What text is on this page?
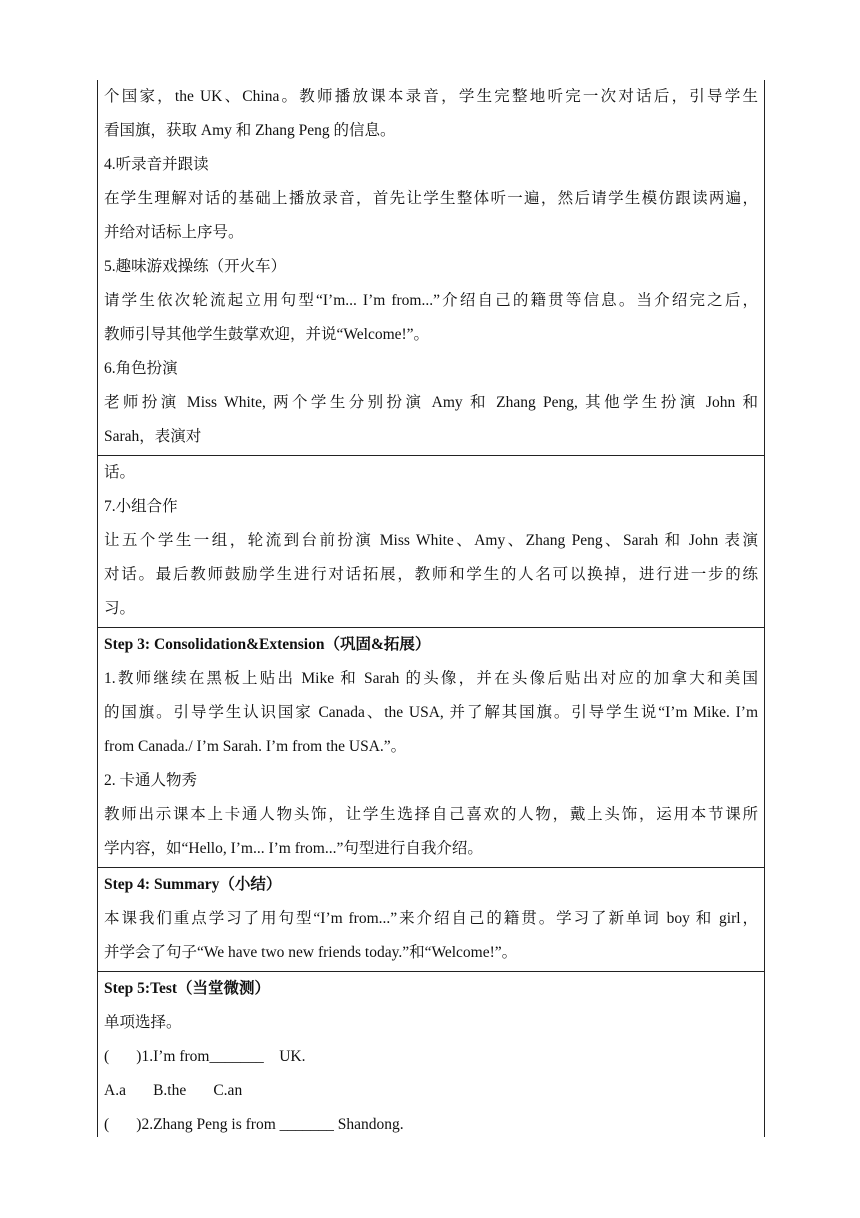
个国家，the UK、China。教师播放课本录音，学生完整地听完一次对话后，引导学生
看国旗，获取 Amy 和 Zhang Peng 的信息。
4.听录音并跟读
在学生理解对话的基础上播放录音，首先让学生整体听一遍，然后请学生模仿跟读两遍，
并给对话标上序号。
5.趣味游戏操练（开火车）
请学生依次轮流起立用句型“I’m... I’m from...”介绍自己的籍贯等信息。当介绍完之后，
教师引导其他学生鼓掌欢迎，并说“Welcome!”。
6.角色扮演
老师扮演 Miss White, 两个学生分别扮演 Amy 和 Zhang Peng, 其他学生扮演 John 和
Sarah，表演对
话。
7.小组合作
让五个学生一组，轮流到台前扮演 Miss White、Amy、Zhang Peng、Sarah 和 John 表演
对话。最后教师鼓励学生进行对话拓展，教师和学生的人名可以换掉，进行进一步的练
习。
Step 3: Consolidation&Extension（巩固&拓展）
1.教师继续在黑板上贴出 Mike 和 Sarah 的头像，并在头像后贴出对应的加拿大和美国
的国旗。引导学生认识国家 Canada、the USA, 并了解其国旗。引导学生说“I’m Mike. I’m
from Canada./ I’m Sarah. I’m from the USA.”。
2. 卡通人物秀
教师出示课本上卡通人物头饰，让学生选择自己喜欢的人物，戴上头饰，运用本节课所
学内容，如“Hello, I’m... I’m from...”句型进行自我介绍。
Step 4: Summary（小结）
本课我们重点学习了用句型“I’m from...”来介绍自己的籍贯。学习了新单词 boy 和 girl，
并学会了句子“We have two new friends today.”和“Welcome!”。
Step 5:Test（当堂微测）
单项选择。
(       )1.I’m from_______    UK.
A.a       B.the       C.an
(       )2.Zhang Peng is from _______ Shandong.
